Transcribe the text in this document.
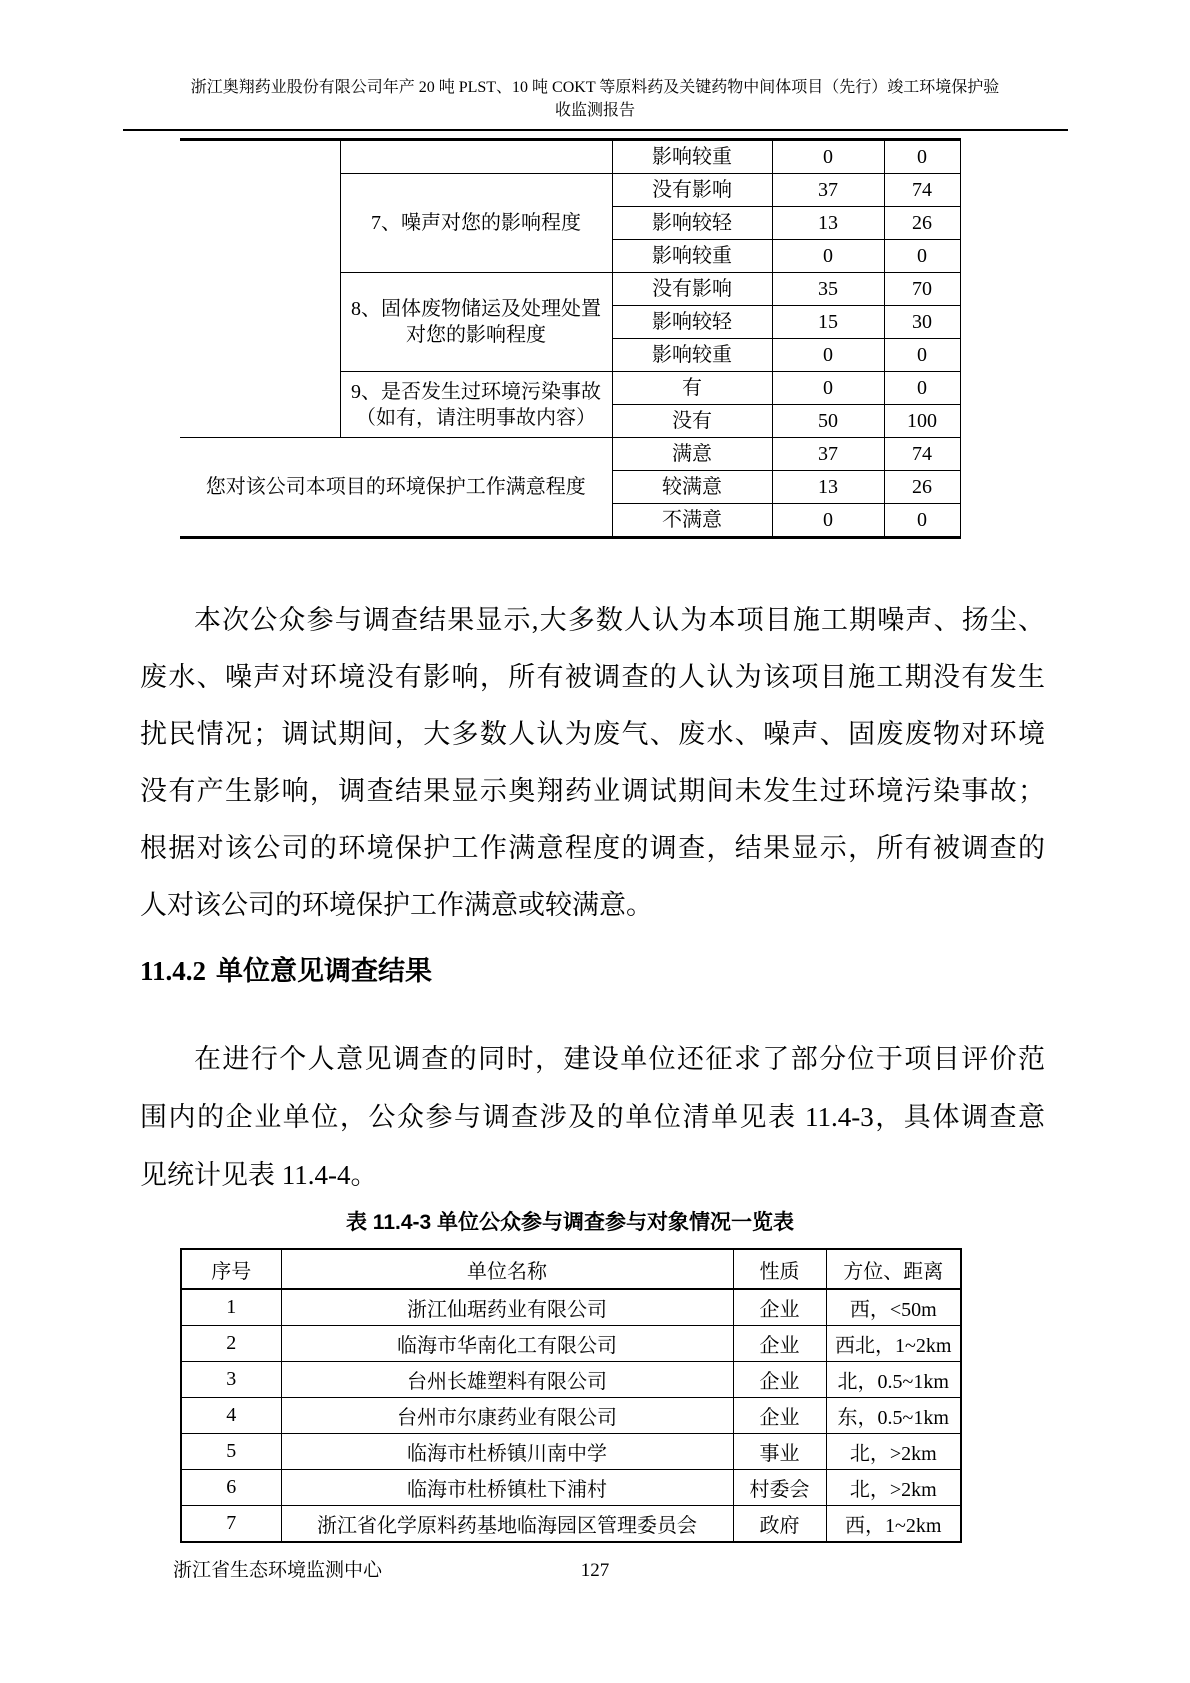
浙江奥翔药业股份有限公司年产 20 吨 PLST、10 吨 COKT 等原料药及关键药物中间体项目（先行）竣工环境保护验
收监测报告
		影响较重	0	0
	7、噪声对您的影响程度	没有影响	37	74
		影响较轻	13	26
		影响较重	0	0
	8、固体废物储运及处理处置对您的影响程度	没有影响	35	70
		影响较轻	15	30
		影响较重	0	0
	9、是否发生过环境污染事故（如有，请注明事故内容）	有	0	0
		没有	50	100
您对该公司本项目的环境保护工作满意程度		满意	37	74
		较满意	13	26
		不满意	0	0
本次公众参与调查结果显示,大多数人认为本项目施工期噪声、扬尘、
废水、噪声对环境没有影响，所有被调查的人认为该项目施工期没有发生
扰民情况；调试期间，大多数人认为废气、废水、噪声、固废废物对环境
没有产生影响，调查结果显示奥翔药业调试期间未发生过环境污染事故；
根据对该公司的环境保护工作满意程度的调查，结果显示，所有被调查的
人对该公司的环境保护工作满意或较满意。
11.4.2 单位意见调查结果
在进行个人意见调查的同时，建设单位还征求了部分位于项目评价范
围内的企业单位，公众参与调查涉及的单位清单见表 11.4-3，具体调查意
见统计见表 11.4-4。
表 11.4-3 单位公众参与调查参与对象情况一览表
序号	单位名称	性质	方位、距离
1	浙江仙琚药业有限公司	企业	西，<50m
2	临海市华南化工有限公司	企业	西北，1~2km
3	台州长雄塑料有限公司	企业	北，0.5~1km
4	台州市尔康药业有限公司	企业	东，0.5~1km
5	临海市杜桥镇川南中学	事业	北，>2km
6	临海市杜桥镇杜下浦村	村委会	北，>2km
7	浙江省化学原料药基地临海园区管理委员会	政府	西，1~2km
浙江省生态环境监测中心	127
